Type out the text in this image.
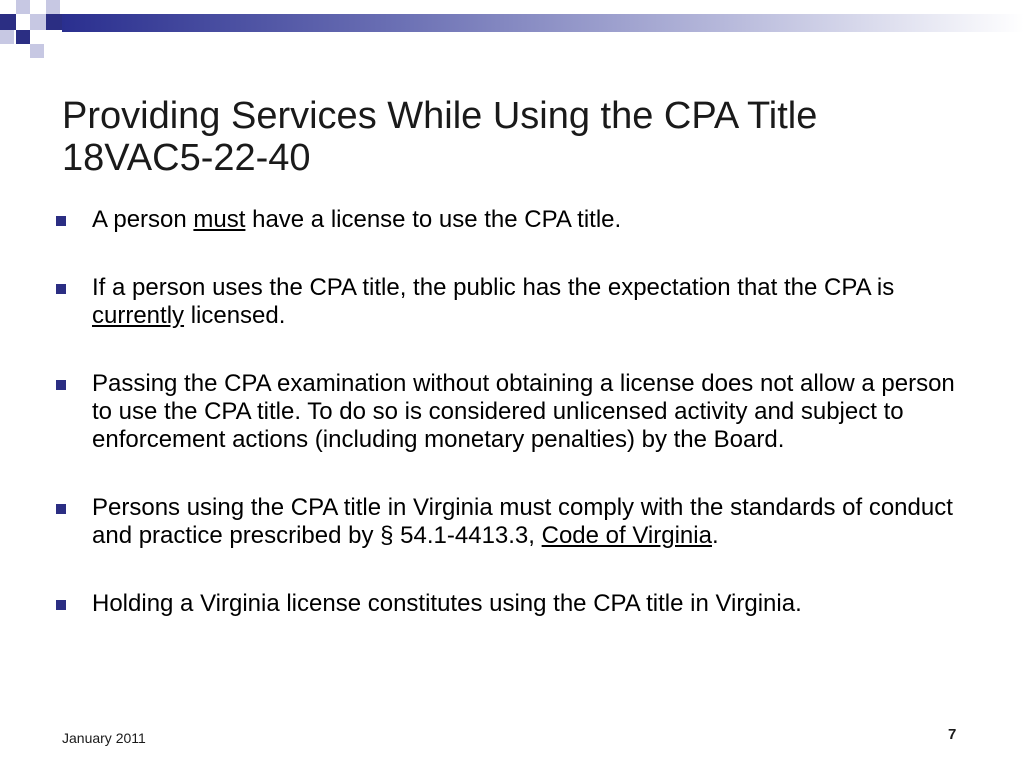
Providing Services While Using the CPA Title
18VAC5-22-40
A person must have a license to use the CPA title.
If a person uses the CPA title, the public has the expectation that the CPA is currently licensed.
Passing the CPA examination without obtaining a license does not allow a person to use the CPA title. To do so is considered unlicensed activity and subject to enforcement actions (including monetary penalties) by the Board.
Persons using the CPA title in Virginia must comply with the standards of conduct and practice prescribed by § 54.1-4413.3, Code of Virginia.
Holding a Virginia license constitutes using the CPA title in Virginia.
January 2011	7
